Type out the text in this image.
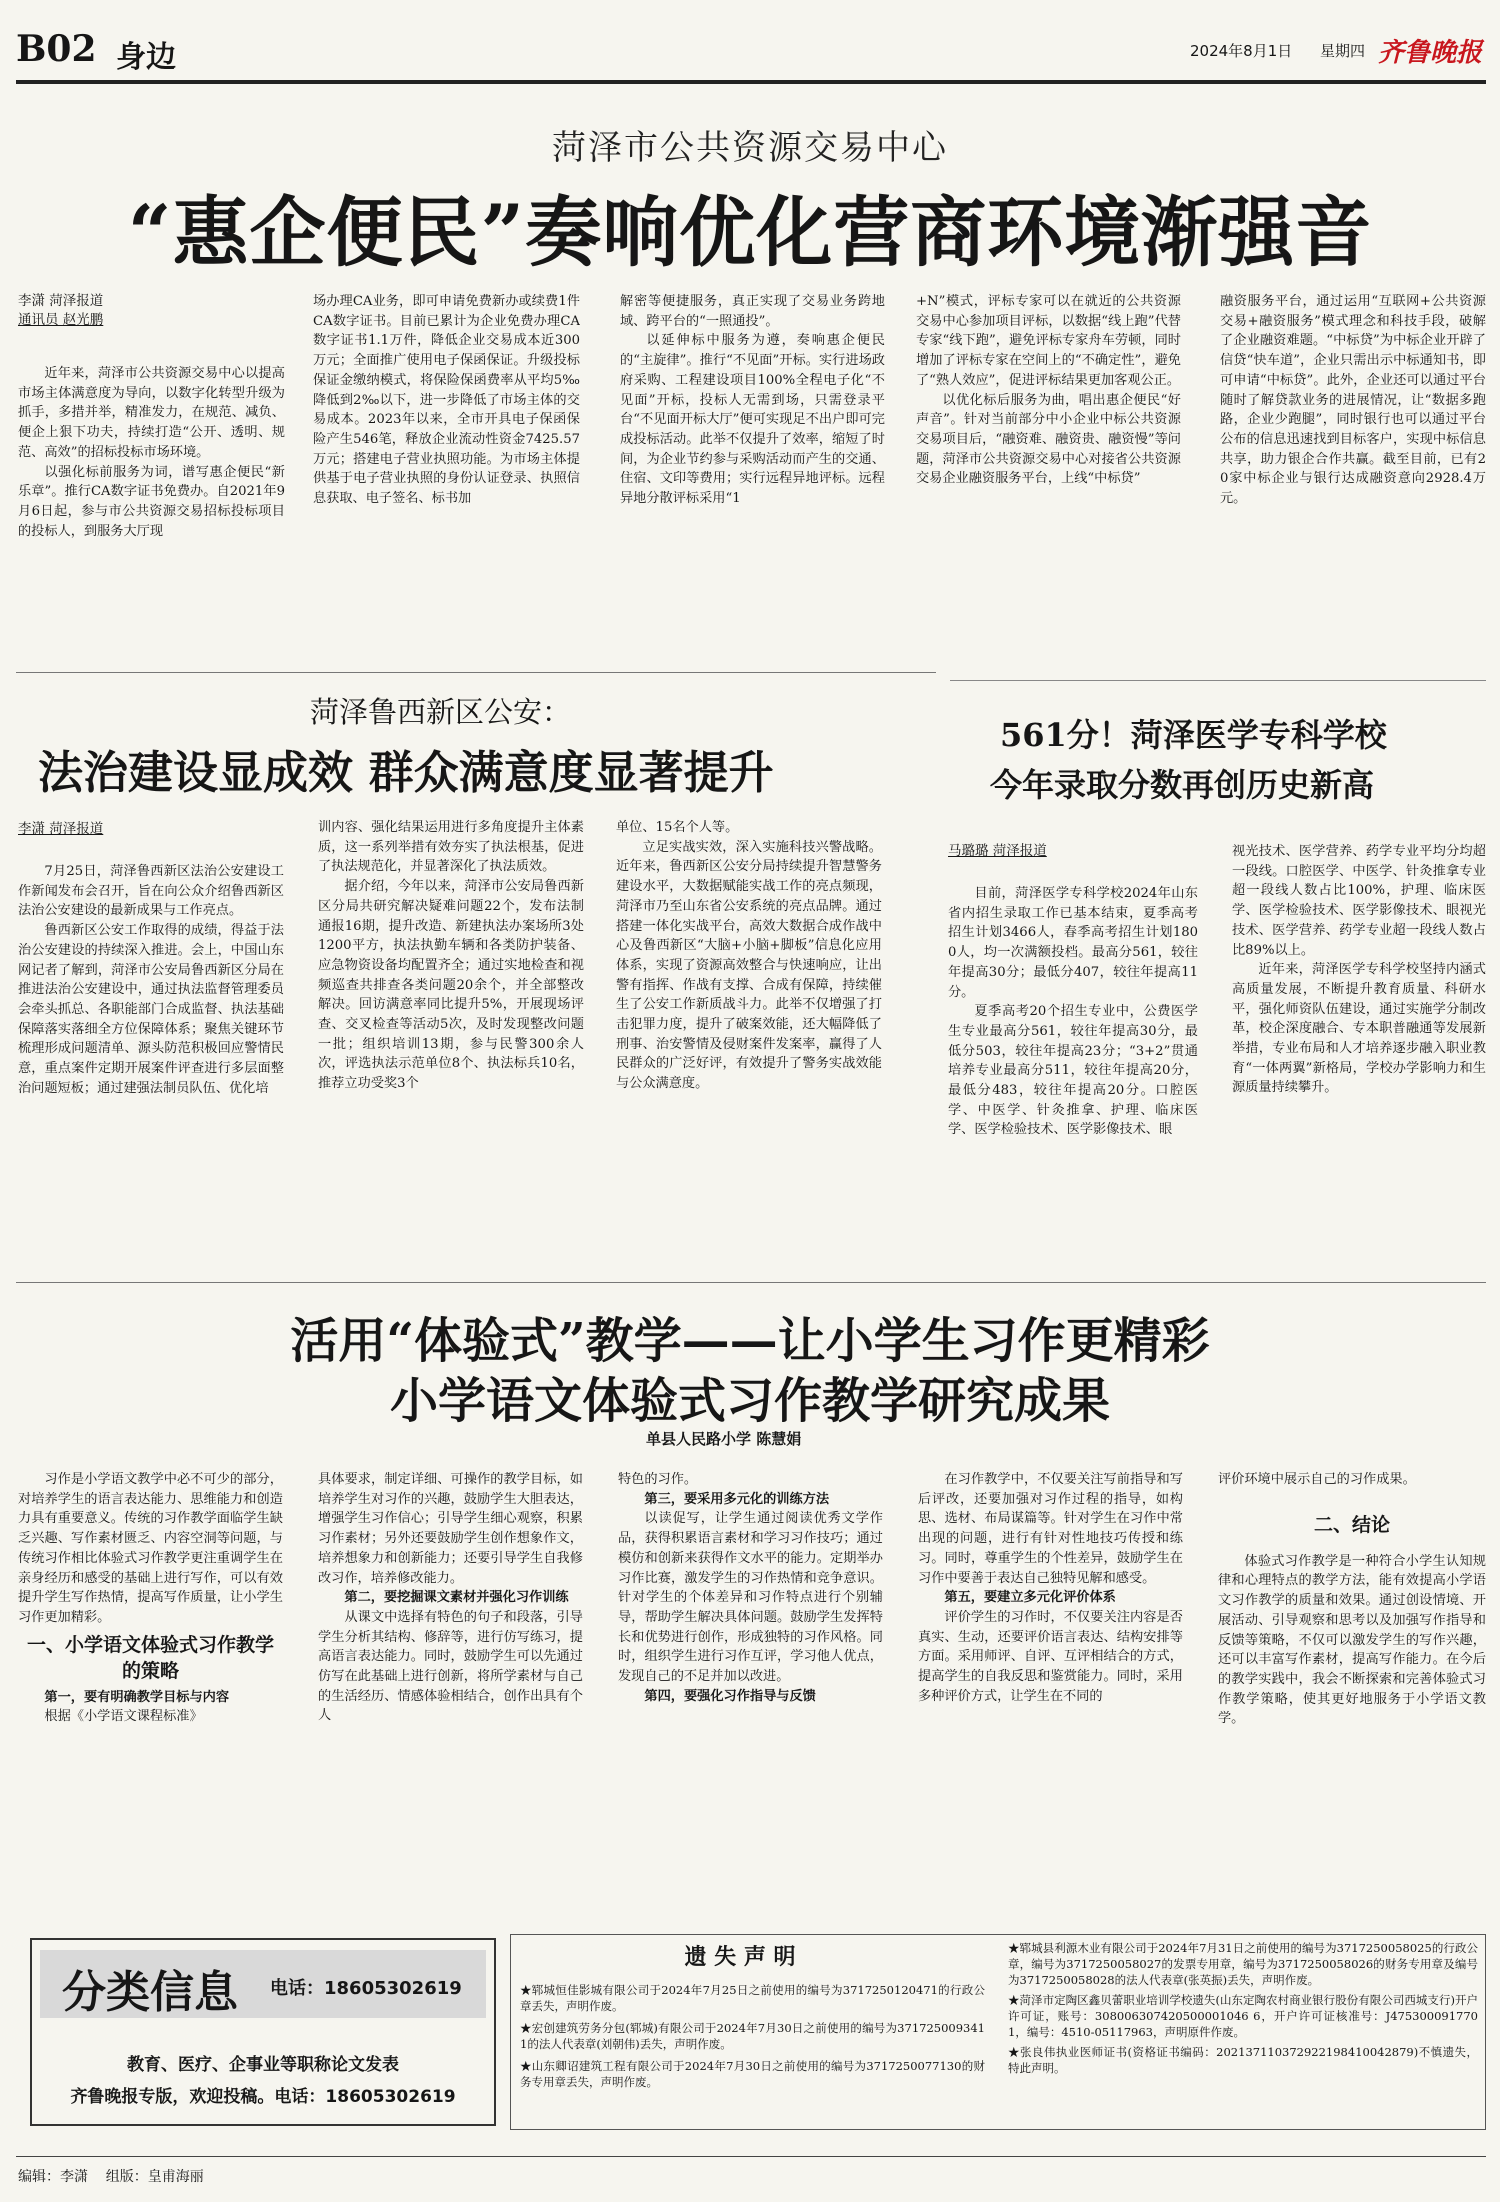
B02 身边	2024年8月1日 星期四 齐鲁晚报
菏泽市公共资源交易中心
“惠企便民”奏响优化营商环境渐强音
李潇 菏泽报道
通讯员 赵光鹏

近年来，菏泽市公共资源交易中心以提高市场主体满意度为导向，以数字化转型升级为抓手，多措并举，精准发力，在规范、减负、便企上狠下功夫，持续打造“公开、透明、规范、高效”的招标投标市场环境。

以强化标前服务为词，谱写惠企便民“新乐章”。推行CA数字证书免费办。自2021年9月6日起，参与市公共资源交易招标投标项目的投标人，到服务大厅现

场办理CA业务，即可申请免费新办或续费1件CA数字证书。目前已累计为企业免费办理CA数字证书1.1万件，降低企业交易成本近300万元；全面推广使用电子保函保证。升级投标保证金缴纳模式，将保险保函费率从平均5‰降低到2‰以下，进一步降低了市场主体的交易成本。2023年以来，全市开具电子保函保险产生546笔，释放企业流动性资金7425.57万元；搭建电子营业执照功能。为市场主体提供基于电子营业执照的身份认证登录、执照信息获取、电子签名、标书加

解密等便捷服务，真正实现了交易业务跨地域、跨平台的“一照通投”。

以延伸标中服务为遵，奏响惠企便民的“主旋律”。推行“不见面”开标。实行进场政府采购、工程建设项目100%全程电子化“不见面”开标，投标人无需到场，只需登录平台“不见面开标大厅”便可实现足不出户即可完成投标活动。此举不仅提升了效率，缩短了时间，为企业节约参与采购活动而产生的交通、住宿、文印等费用；实行远程异地评标。远程异地分散评标采用“1

+N”模式，评标专家可以在就近的公共资源交易中心参加项目评标，以数据“线上跑”代替专家“线下跑”，避免评标专家舟车劳顿，同时增加了评标专家在空间上的“不确定性”，避免了“熟人效应”，促进评标结果更加客观公正。

以优化标后服务为曲，唱出惠企便民“好声音”。针对当前部分中小企业中标公共资源交易项目后，“融资难、融资贵、融资慢”等问题，菏泽市公共资源交易中心对接省公共资源交易企业融资服务平台，上线“中标贷”

融资服务平台，通过运用“互联网+公共资源交易+融资服务”模式理念和科技手段，破解了企业融资难题。“中标贷”为中标企业开辟了信贷“快车道”，企业只需出示中标通知书，即可申请“中标贷”。此外，企业还可以通过平台随时了解贷款业务的进展情况，让“数据多跑路，企业少跑腿”，同时银行也可以通过平台公布的信息迅速找到目标客户，实现中标信息共享，助力银企合作共赢。截至目前，已有20家中标企业与银行达成融资意向2928.4万元。

菏泽鲁西新区公安：
法治建设显成效 群众满意度显著提升
李潇 菏泽报道

7月25日，菏泽鲁西新区法治公安建设工作新闻发布会召开，旨在向公众介绍鲁西新区法治公安建设的最新成果与工作亮点。

鲁西新区公安工作取得的成绩，得益于法治公安建设的持续深入推进。会上，中国山东网记者了解到，菏泽市公安局鲁西新区分局在推进法治公安建设中，通过执法监督管理委员会牵头抓总、各职能部门合成监督、执法基础保障落实落细全方位保障体系；聚焦关键环节梳理形成问题清单、源头防范积极回应警情民意，重点案件定期开展案件评查进行多层面整治问题短板；通过建强法制员队伍、优化培

训内容、强化结果运用进行多角度提升主体素质，这一系列举措有效夯实了执法根基，促进了执法规范化，并显著深化了执法质效。

据介绍，今年以来，菏泽市公安局鲁西新区分局共研究解决疑难问题22个，发布法制通报16期，提升改造、新建执法办案场所3处1200平方，执法执勤车辆和各类防护装备、应急物资设备均配置齐全；通过实地检查和视频巡查共排查各类问题20余个，并全部整改解决。回访满意率同比提升5%，开展现场评查、交叉检查等活动5次，及时发现整改问题一批；组织培训13期，参与民警300余人次，评选执法示范单位8个、执法标兵10名，推荐立功受奖3个

单位、15名个人等。

立足实战实效，深入实施科技兴警战略。近年来，鲁西新区公安分局持续提升智慧警务建设水平，大数据赋能实战工作的亮点频现，菏泽市乃至山东省公安系统的亮点品牌。通过搭建一体化实战平台，高效大数据合成作战中心及鲁西新区“大脑+小脑+脚板”信息化应用体系，实现了资源高效整合与快速响应，让出警有指挥、作战有支撑、合成有保障，持续催生了公安工作新质战斗力。此举不仅增强了打击犯罪力度，提升了破案效能，还大幅降低了刑事、治安警情及侵财案件发案率，赢得了人民群众的广泛好评，有效提升了警务实战效能与公众满意度。

561分！菏泽医学专科学校
今年录取分数再创历史新高
马璐璐 菏泽报道

目前，菏泽医学专科学校2024年山东省内招生录取工作已基本结束，夏季高考招生计划3466人，春季高考招生计划1800人，均一次满额投档。最高分561，较往年提高30分；最低分407，较往年提高11分。

夏季高考20个招生专业中，公费医学生专业最高分561，较往年提高30分，最低分503，较往年提高23分；“3+2”贯通培养专业最高分511，较往年提高20分，最低分483，较往年提高20分。口腔医学、中医学、针灸推拿、护理、临床医学、医学检验技术、医学影像技术、眼

视光技术、医学营养、药学专业平均分均超一段线。口腔医学、中医学、针灸推拿专业超一段线人数占比100%，护理、临床医学、医学检验技术、医学影像技术、眼视光技术、医学营养、药学专业超一段线人数占比89%以上。

近年来，菏泽医学专科学校坚持内涵式高质量发展，不断提升教育质量、科研水平，强化师资队伍建设，通过实施学分制改革，校企深度融合、专本职普融通等发展新举措，专业布局和人才培养逐步融入职业教育“一体两翼”新格局，学校办学影响力和生源质量持续攀升。

活用“体验式”教学——让小学生习作更精彩
小学语文体验式习作教学研究成果
单县人民路小学 陈慧娟

习作是小学语文教学中必不可少的部分，对培养学生的语言表达能力、思维能力和创造力具有重要意义。传统的习作教学面临学生缺乏兴趣、写作素材匮乏、内容空洞等问题，与传统习作相比体验式习作教学更注重调学生在亲身经历和感受的基础上进行写作，可以有效提升学生写作热情，提高写作质量，让小学生习作更加精彩。

一、小学语文体验式习作教学的策略

第一，要有明确教学目标与内容

根据《小学语文课程标准》

具体要求，制定详细、可操作的教学目标，如培养学生对习作的兴趣，鼓励学生大胆表达，增强学生习作信心；引导学生细心观察，积累习作素材；另外还要鼓励学生创作想象作文，培养想象力和创新能力；还要引导学生自我修改习作，培养修改能力。

第二，要挖掘课文素材并强化习作训练

从课文中选择有特色的句子和段落，引导学生分析其结构、修辞等，进行仿写练习，提高语言表达能力。同时，鼓励学生可以先通过仿写在此基础上进行创新，将所学素材与自己的生活经历、情感体验相结合，创作出具有个人

特色的习作。

第三，要采用多元化的训练方法

以读促写，让学生通过阅读优秀文学作品，获得积累语言素材和学习习作技巧；通过模仿和创新来获得作文水平的能力。定期举办习作比赛，激发学生的习作热情和竞争意识。针对学生的个体差异和习作特点进行个别辅导，帮助学生解决具体问题。鼓励学生发挥特长和优势进行创作，形成独特的习作风格。同时，组织学生进行习作互评，学习他人优点，发现自己的不足并加以改进。

第四，要强化习作指导与反馈

在习作教学中，不仅要关注写前指导和写后评改，还要加强对习作过程的指导，如构思、选材、布局谋篇等。针对学生在习作中常出现的问题，进行有针对性地技巧传授和练习。同时，尊重学生的个性差异，鼓励学生在习作中要善于表达自己独特见解和感受。

第五，要建立多元化评价体系

评价学生的习作时，不仅要关注内容是否真实、生动，还要评价语言表达、结构安排等方面。采用师评、自评、互评相结合的方式，提高学生的自我反思和鉴赏能力。同时，采用多种评价方式，让学生在不同的

评价环境中展示自己的习作成果。

二、结论

体验式习作教学是一种符合小学生认知规律和心理特点的教学方法，能有效提高小学语文习作教学的质量和效果。通过创设情境、开展活动、引导观察和思考以及加强写作指导和反馈等策略，不仅可以激发学生的写作兴趣，还可以丰富写作素材，提高写作能力。在今后的教学实践中，我会不断探索和完善体验式习作教学策略，使其更好地服务于小学语文教学。

分类信息 电话：18605302619
教育、医疗、企事业等职称论文发表
齐鲁晚报专版，欢迎投稿。电话：18605302619
遗 失 声 明
★郓城恒佳影城有限公司于2024年7月25日之前使用的编号为3717250120471的行政公章丢失，声明作废。
★宏创建筑劳务分包(郓城)有限公司于2024年7月30日之前使用的编号为3717250093411的法人代表章(刘朝伟)丢失，声明作废。
★山东卿诏建筑工程有限公司于2024年7月30日之前使用的编号为3717250077130的财务专用章丢失，声明作废。
★郓城县利源木业有限公司于2024年7月31日之前使用的编号为3717250058025的行政公章，编号为3717250058027的发票专用章，编号为3717250058026的财务专用章及编号为3717250058028的法人代表章(张英振)丢失，声明作废。
★菏泽市定陶区鑫贝蕾职业培训学校遗失(山东定陶农村商业银行股份有限公司西城支行)开户许可证，账号：308006307420500001046 6，开户许可证核准号：J4753000917701，编号：4510-05117963，声明原件作废。
★张良伟执业医师证书(资格证书编码：202137110372922198410042879)不慎遗失，特此声明。
编辑：李潇    组版：皇甫海丽
